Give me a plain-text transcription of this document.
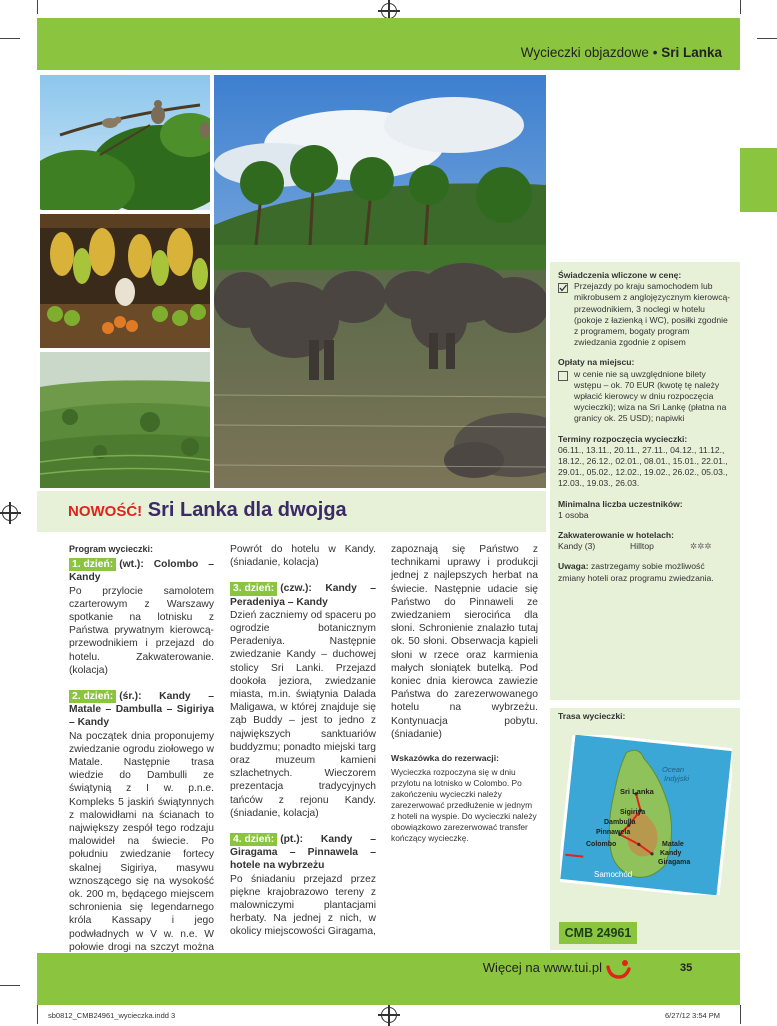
Wycieczki objazdowe • Sri Lanka
NOWOŚĆ! Sri Lanka dla dwojga
Program wycieczki:
1. dzień: (wt.): Colombo – Kandy

Po przylocie samolotem czarterowym z Warszawy spotkanie na lotnisku z Państwa prywatnym kierowcą-przewodnikiem i przejazd do hotelu. Zakwaterowanie. (kolacja)

2. dzień: (śr.): Kandy – Matale – Dambulla – Sigiriya – Kandy

Na początek dnia proponujemy zwiedzanie ogrodu ziołowego w Matale. Następnie trasa wiedzie do Dambulli ze świątynią z I w. p.n.e. Kompleks 5 jaskiń świątynnych z malowidłami na ścianach to największy zespół tego rodzaju malowideł na świecie. Po południu zwiedzanie fortecy skalnej Sigiriya, masywu wznoszącego się na wysokość ok. 200 m, będącego miejscem schronienia się legendarnego króla Kassapy i jego podwładnych w V w. n.e. W połowie drogi na szczyt można

Powrót do hotelu w Kandy. (śniadanie, kolacja)

3. dzień: (czw.): Kandy – Peradeniya – Kandy

Dzień zaczniemy od spaceru po ogrodzie botanicznym Peradeniya. Następnie zwiedzanie Kandy – duchowej stolicy Sri Lanki. Przejazd dookoła jeziora, zwiedzanie miasta, m.in. świątynia Dalada Maligawa, w której znajduje się ząb Buddy – jest to jedno z największych sanktuariów buddyzmu; ponadto miejski targ oraz muzeum kamieni szlachetnych. Wieczorem prezentacja tradycyjnych tańców z rejonu Kandy. (śniadanie, kolacja)

4. dzień: (pt.): Kandy – Giragama – Pinnawela – hotele na wybrzeżu

Po śniadaniu przejazd przez piękne krajobrazowo tereny z malowniczymi plantacjami herbaty. Na jednej z nich, w okolicy miejscowości Giragama,

zapoznają się Państwo z technikami uprawy i produkcji jednej z najlepszych herbat na świecie. Następnie udacie się Państwo do Pinnaweli ze zwiedzaniem sierocińca dla słoni. Schronienie znalazło tutaj ok. 50 słoni. Obserwacja kąpieli słoni w rzece oraz karmienia małych słoniątek butelką. Pod koniec dnia kierowca zawiezie Państwa do zarezerwowanego hotelu na wybrzeżu. Kontynuacja pobytu. (śniadanie)

Wskazówka do rezerwacji:
Wycieczka rozpoczyna się w dniu przylotu na lotnisko w Colombo. Po zakończeniu wycieczki należy zarezerwować przedłużenie w jednym z hoteli na wyspie. Do wycieczki należy obowiązkowo zarezerwować transfer kończący wycieczkę.
Świadczenia wliczone w cenę:
Przejazdy po kraju samochodem lub mikrobusem z anglojęzycznym kierowcą-przewodnikiem, 3 noclegi w hotelu (pokoje z łazienką i WC), posiłki zgodnie z programem, bogaty program zwiedzania zgodnie z opisem
Opłaty na miejscu:
w cenie nie są uwzględnione bilety wstępu – ok. 70 EUR (kwotę tę należy wpłacić kierowcy w dniu rozpoczęcia wycieczki); wiza na Sri Lankę (płatna na granicy ok. 25 USD); napiwki
Terminy rozpoczęcia wycieczki:
06.11., 13.11., 20.11., 27.11., 04.12., 11.12., 18.12., 26.12., 02.01., 08.01., 15.01., 22.01., 29.01., 05.02., 12.02., 19.02., 26.02., 05.03., 12.03., 19.03., 26.03.
Minimalna liczba uczestników:
1 osoba
Zakwaterowanie w hotelach:
Kandy (3)	Hilltop	✲✲✲
Uwaga: zastrzegamy sobie możliwość zmiany hoteli oraz programu zwiedzania.
Trasa wycieczki:
Ocean
Indyjski
Sri Lanka
Sigiriya
Dambulla
Pinnawela
Colombo	Matale
Kandy
Giragama
Samochód
CMB 24961
Więcej na www.tui.pl	35
sb0812_CMB24961_wycieczka.indd 3	6/27/12 3:54 PM
